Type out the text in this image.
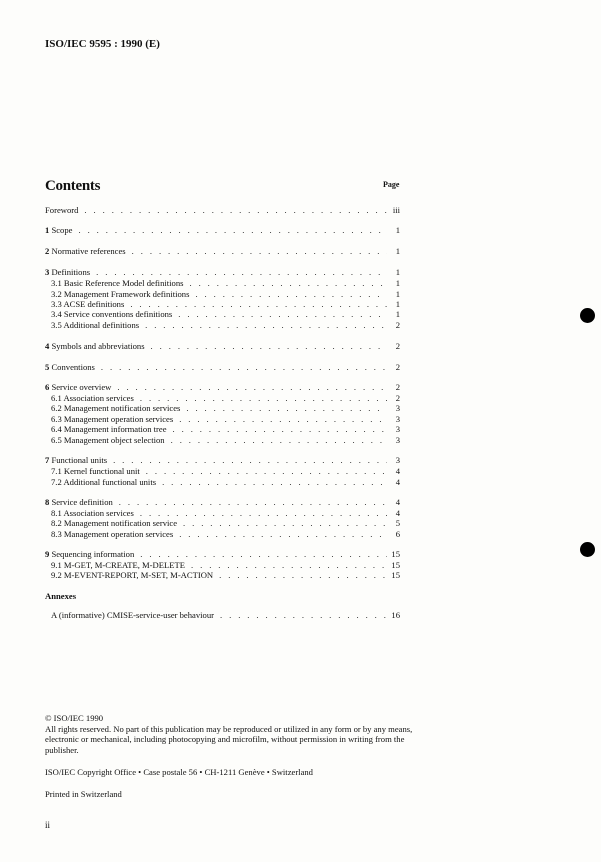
ISO/IEC 9595 : 1990 (E)
Contents	Page
Foreword . . .	iii
1 Scope . . .	1
2 Normative references . . .	1
3 Definitions . . .	1
3.1 Basic Reference Model definitions . . .	1
3.2 Management Framework definitions . . .	1
3.3 ACSE definitions . . .	1
3.4 Service conventions definitions . . .	1
3.5 Additional definitions . . .	2
4 Symbols and abbreviations . . .	2
5 Conventions . . .	2
6 Service overview . . .	2
6.1 Association services . . .	2
6.2 Management notification services . . .	3
6.3 Management operation services . . .	3
6.4 Management information tree . . .	3
6.5 Management object selection . . .	3
7 Functional units . . .	3
7.1 Kernel functional unit . . .	4
7.2 Additional functional units . . .	4
8 Service definition . . .	4
8.1 Association services . . .	4
8.2 Management notification service . . .	5
8.3 Management operation services . . .	6
9 Sequencing information . . .	15
9.1 M-GET, M-CREATE, M-DELETE . . .	15
9.2 M-EVENT-REPORT, M-SET, M-ACTION . . .	15
Annexes
A (informative) CMISE-service-user behaviour . . .	16

© ISO/IEC 1990

All rights reserved. No part of this publication may be reproduced or utilized in any form or by any means, electronic or mechanical, including photocopying and microfilm, without permission in writing from the publisher.

ISO/IEC Copyright Office • Case postale 56 • CH-1211 Genève • Switzerland
Printed in Switzerland
ii
